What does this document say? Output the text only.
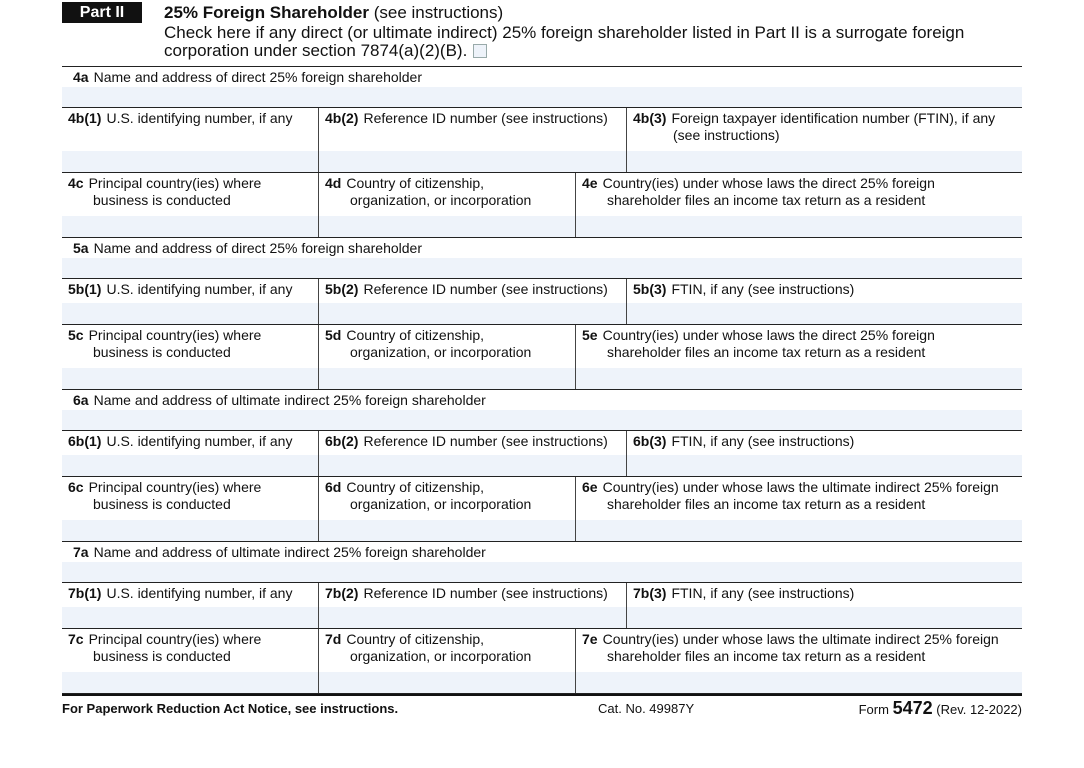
Part II	25% Foreign Shareholder (see instructions)
Check here if any direct (or ultimate indirect) 25% foreign shareholder listed in Part II is a surrogate foreign corporation under section 7874(a)(2)(B).
4a Name and address of direct 25% foreign shareholder
4b(1) U.S. identifying number, if any	4b(2) Reference ID number (see instructions)	4b(3) Foreign taxpayer identification number (FTIN), if any
(see instructions)
4c Principal country(ies) where
business is conducted
4d Country of citizenship,
organization, or incorporation
4e Country(ies) under whose laws the direct 25% foreign
shareholder files an income tax return as a resident
5a Name and address of direct 25% foreign shareholder
5b(1) U.S. identifying number, if any	5b(2) Reference ID number (see instructions)	5b(3) FTIN, if any (see instructions)
5c Principal country(ies) where
business is conducted
5d Country of citizenship,
organization, or incorporation
5e Country(ies) under whose laws the direct 25% foreign
shareholder files an income tax return as a resident
6a Name and address of ultimate indirect 25% foreign shareholder
6b(1) U.S. identifying number, if any	6b(2) Reference ID number (see instructions)	6b(3) FTIN, if any (see instructions)
6c Principal country(ies) where
business is conducted
6d Country of citizenship,
organization, or incorporation
6e Country(ies) under whose laws the ultimate indirect 25% foreign
shareholder files an income tax return as a resident
7a Name and address of ultimate indirect 25% foreign shareholder
7b(1) U.S. identifying number, if any	7b(2) Reference ID number (see instructions)	7b(3) FTIN, if any (see instructions)
7c Principal country(ies) where
business is conducted
7d Country of citizenship,
organization, or incorporation
7e Country(ies) under whose laws the ultimate indirect 25% foreign
shareholder files an income tax return as a resident
For Paperwork Reduction Act Notice, see instructions.	Cat. No. 49987Y	Form 5472 (Rev. 12-2022)
